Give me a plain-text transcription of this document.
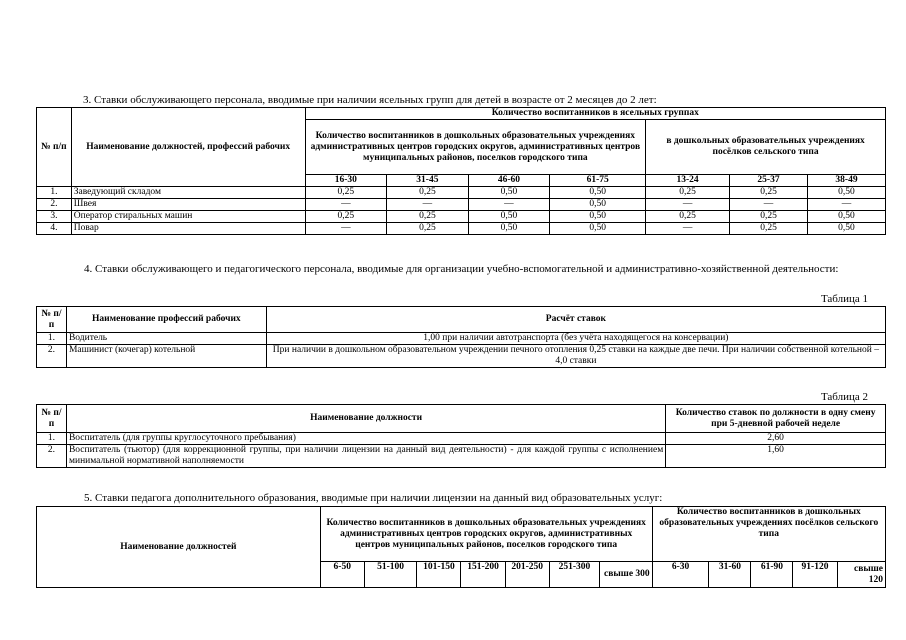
3. Ставки обслуживающего персонала, вводимые при наличии ясельных групп для детей в возрасте от 2 месяцев до 2 лет:
№ п/п	Наименование должностей, профессий рабочих	Количество воспитанников в ясельных группах						
		Количество воспитанников в дошкольных образовательных учреждениях административных центров городских округов, административных центров муниципальных районов, поселков городского типа				в дошкольных образовательных учреждениях посёлков сельского типа		
		16-30	31-45	46-60	61-75	13-24	25-37	38-49
1.	Заведующий складом	0,25	0,25	0,50	0,50	0,25	0,25	0,50
2.	Швея	—	—	—	0,50	—	—	—
3.	Оператор стиральных машин	0,25	0,25	0,50	0,50	0,25	0,25	0,50
4.	Повар	—	0,25	0,50	0,50	—	0,25	0,50
4. Ставки обслуживающего и педагогического персонала, вводимые для организации учебно-вспомогательной и административно-хозяйственной деятельности:
Таблица 1
№ п/п	Наименование профессий рабочих	Расчёт ставок
1.	Водитель	1,00 при наличии автотранспорта (без учёта находящегося на консервации)
2.	Машинист (кочегар) котельной	При наличии в дошкольном образовательном учреждении печного отопления 0,25 ставки на каждые две печи. При наличии собственной котельной – 4,0 ставки
Таблица 2
№ п/п	Наименование должности	Количество ставок по должности в одну смену при 5-дневной рабочей неделе
1.	Воспитатель (для группы круглосуточного пребывания)	2,60
2.	Воспитатель (тьютор) (для коррекционной группы, при наличии лицензии на данный вид деятельности) - для каждой группы с исполнением минимальной нормативной наполняемости	1,60
5. Ставки педагога дополнительного образования, вводимые при наличии лицензии на данный вид образовательных услуг:
Наименование должностей	Количество воспитанников в дошкольных образовательных учреждениях административных центров городских округов, административных центров муниципальных районов, поселков городского типа							Количество воспитанников в дошкольных образовательных учреждениях посёлков сельского типа				
	6-50	51-100	101-150	151-200	201-250	251-300	свыше 300	6-30	31-60	61-90	91-120	свыше 120
